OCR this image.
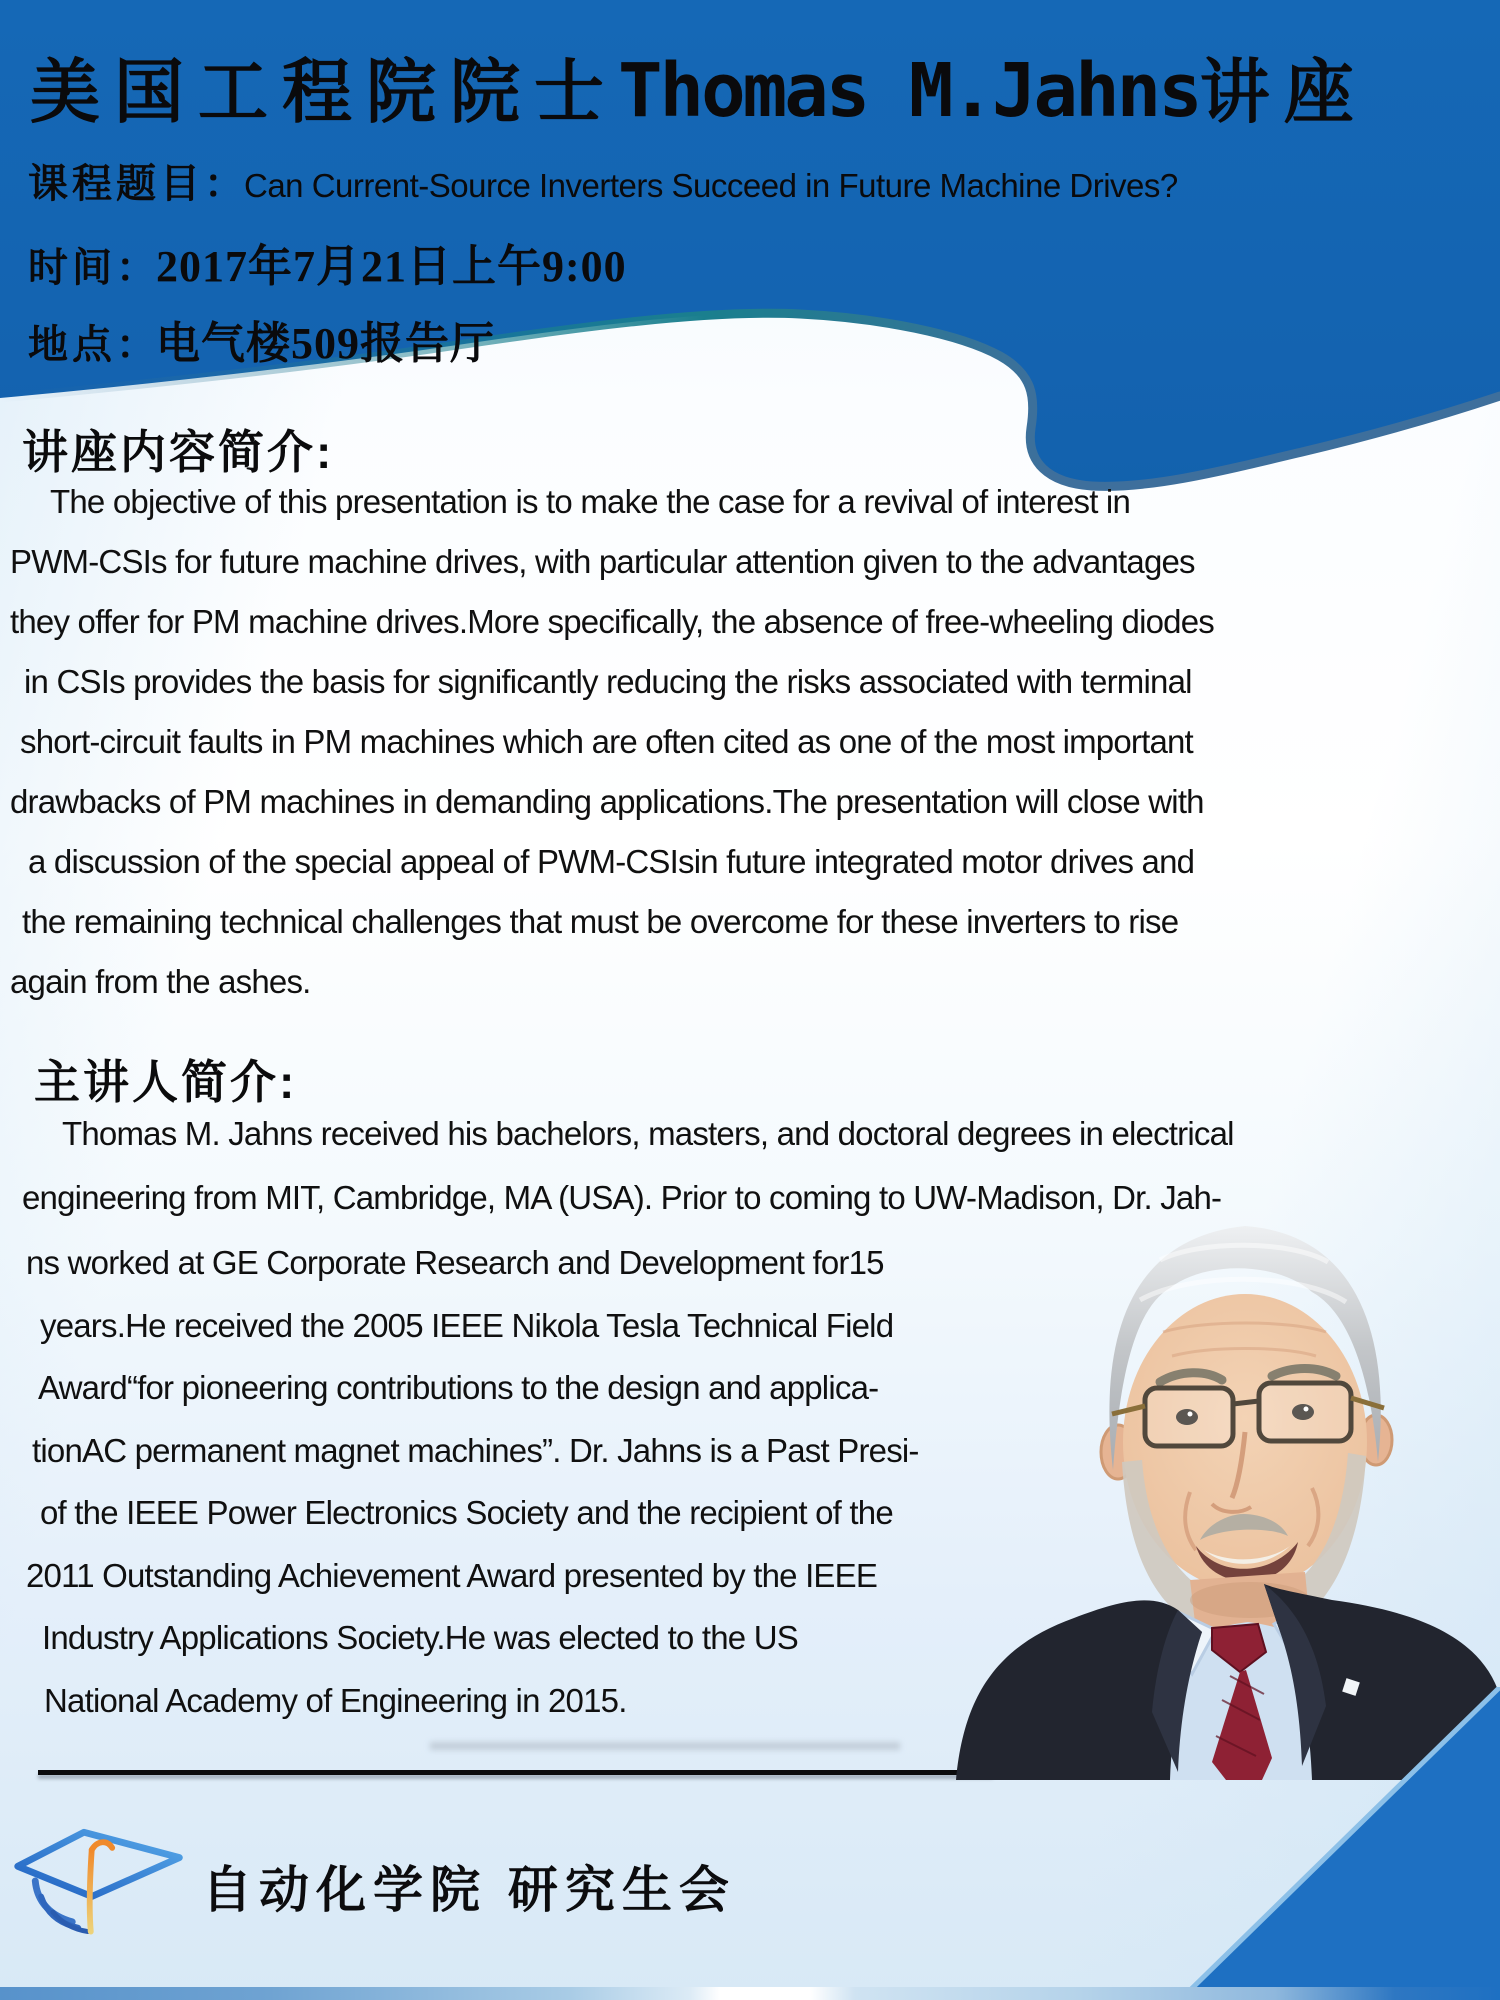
美国工程院院士Thomas M.Jahns讲座
课程题目：Can Current-Source Inverters Succeed in Future Machine Drives?
时间：2017年7月21日上午9:00
地点：电气楼509报告厅
讲座内容简介:
The objective of this presentation is to make the case for a revival of interest in
PWM-CSIs for future machine drives, with particular attention given to the advantages
they offer for PM machine drives.More specifically, the absence of free-wheeling diodes
in CSIs provides the basis for significantly reducing the risks associated with terminal
short-circuit faults in PM machines which are often cited as one of the most important
drawbacks of PM machines in demanding applications.The presentation will close with
a discussion of the special appeal of PWM-CSIsin future integrated motor drives and
the remaining technical challenges that must be overcome for these inverters to rise
again from the ashes.
主讲人简介:
Thomas M. Jahns received his bachelors, masters, and doctoral degrees in electrical
engineering from MIT, Cambridge, MA (USA). Prior to coming to UW-Madison, Dr. Jah-
ns worked at GE Corporate Research and Development for15
years.He received the 2005 IEEE Nikola Tesla Technical Field
Award“for pioneering contributions to the design and applica-
tionAC permanent magnet machines”. Dr. Jahns is a Past Presi-
of the IEEE Power Electronics Society and the recipient of the
2011 Outstanding Achievement Award presented by the IEEE
Industry Applications Society.He was elected to the US
National Academy of Engineering in 2015.
自动化学院 研究生会
